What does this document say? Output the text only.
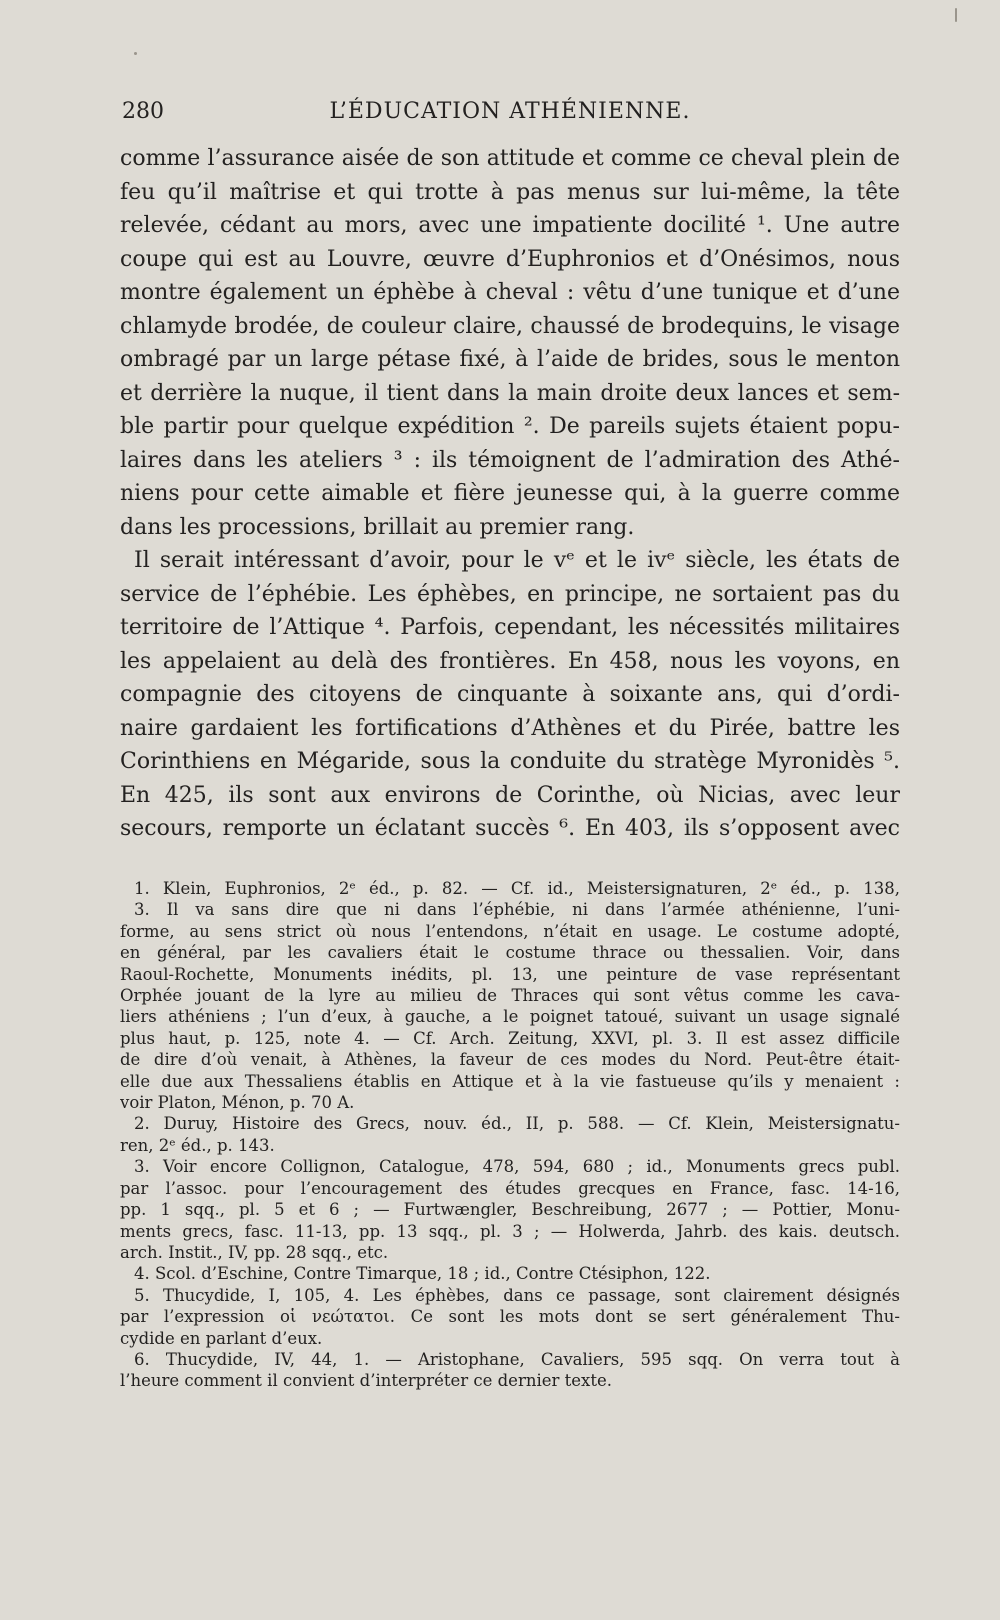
280	L’ÉDUCATION ATHÉNIENNE.
comme l’assurance aisée de son attitude et comme ce cheval plein de
feu qu’il maîtrise et qui trotte à pas menus sur lui-même, la tête
relevée, cédant au mors, avec une impatiente docilité ¹. Une autre
coupe qui est au Louvre, œuvre d’Euphronios et d’Onésimos, nous
montre également un éphèbe à cheval : vêtu d’une tunique et d’une
chlamyde brodée, de couleur claire, chaussé de brodequins, le visage
ombragé par un large pétase fixé, à l’aide de brides, sous le menton
et derrière la nuque, il tient dans la main droite deux lances et sem-
ble partir pour quelque expédition ². De pareils sujets étaient popu-
laires dans les ateliers ³ : ils témoignent de l’admiration des Athé-
niens pour cette aimable et fière jeunesse qui, à la guerre comme
dans les processions, brillait au premier rang.
Il serait intéressant d’avoir, pour le vᵉ et le ivᵉ siècle, les états de
service de l’éphébie. Les éphèbes, en principe, ne sortaient pas du
territoire de l’Attique ⁴. Parfois, cependant, les nécessités militaires
les appelaient au delà des frontières. En 458, nous les voyons, en
compagnie des citoyens de cinquante à soixante ans, qui d’ordi-
naire gardaient les fortifications d’Athènes et du Pirée, battre les
Corinthiens en Mégaride, sous la conduite du stratège Myronidès ⁵.
En 425, ils sont aux environs de Corinthe, où Nicias, avec leur
secours, remporte un éclatant succès ⁶. En 403, ils s’opposent avec
1. Klein, Euphronios, 2ᵉ éd., p. 82. — Cf. id., Meistersignaturen, 2ᵉ éd., p. 138,
3. Il va sans dire que ni dans l’éphébie, ni dans l’armée athénienne, l’uni-
forme, au sens strict où nous l’entendons, n’était en usage. Le costume adopté,
en général, par les cavaliers était le costume thrace ou thessalien. Voir, dans
Raoul-Rochette, Monuments inédits, pl. 13, une peinture de vase représentant
Orphée jouant de la lyre au milieu de Thraces qui sont vêtus comme les cava-
liers athéniens ; l’un d’eux, à gauche, a le poignet tatoué, suivant un usage signalé
plus haut, p. 125, note 4. — Cf. Arch. Zeitung, XXVI, pl. 3. Il est assez difficile
de dire d’où venait, à Athènes, la faveur de ces modes du Nord. Peut-être était-
elle due aux Thessaliens établis en Attique et à la vie fastueuse qu’ils y menaient :
voir Platon, Ménon, p. 70 A.
2. Duruy, Histoire des Grecs, nouv. éd., II, p. 588. — Cf. Klein, Meistersignatu-
ren, 2ᵉ éd., p. 143.
3. Voir encore Collignon, Catalogue, 478, 594, 680 ; id., Monuments grecs publ.
par l’assoc. pour l’encouragement des études grecques en France, fasc. 14-16,
pp. 1 sqq., pl. 5 et 6 ; — Furtwængler, Beschreibung, 2677 ; — Pottier, Monu-
ments grecs, fasc. 11-13, pp. 13 sqq., pl. 3 ; — Holwerda, Jahrb. des kais. deutsch.
arch. Instit., IV, pp. 28 sqq., etc.
4. Scol. d’Eschine, Contre Timarque, 18 ; id., Contre Ctésiphon, 122.
5. Thucydide, I, 105, 4. Les éphèbes, dans ce passage, sont clairement désignés
par l’expression οἱ νεώτατοι. Ce sont les mots dont se sert généralement Thu-
cydide en parlant d’eux.
6. Thucydide, IV, 44, 1. — Aristophane, Cavaliers, 595 sqq. On verra tout à
l’heure comment il convient d’interpréter ce dernier texte.
